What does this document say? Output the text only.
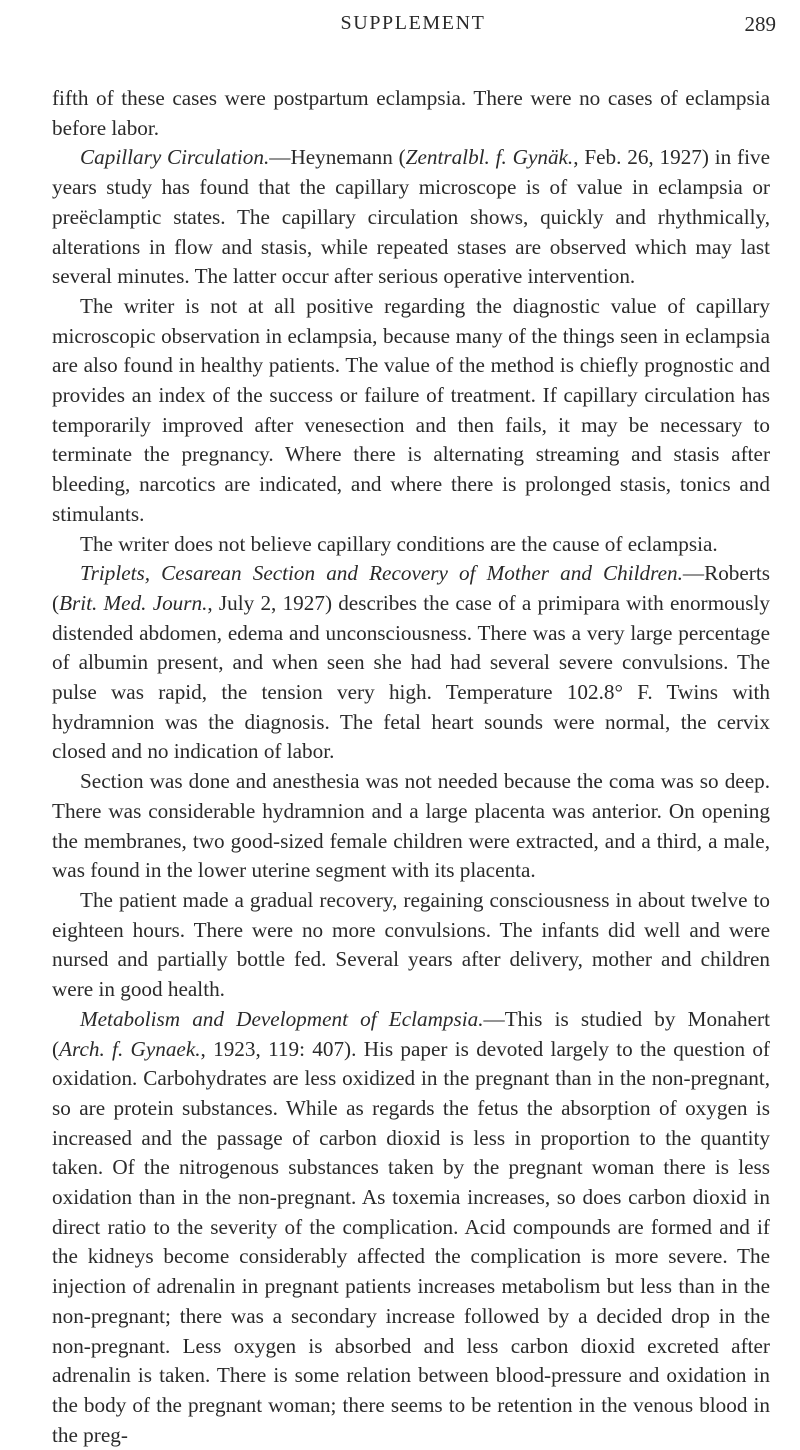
SUPPLEMENT	289

fifth of these cases were postpartum eclampsia. There were no cases of eclampsia before labor.

Capillary Circulation.—Heynemann (Zentralbl. f. Gynäk., Feb. 26, 1927) in five years study has found that the capillary microscope is of value in eclampsia or preëclamptic states. The capillary circulation shows, quickly and rhythmically, alterations in flow and stasis, while repeated stases are observed which may last several minutes. The latter occur after serious operative intervention.

The writer is not at all positive regarding the diagnostic value of capillary microscopic observation in eclampsia, because many of the things seen in eclampsia are also found in healthy patients. The value of the method is chiefly prognostic and provides an index of the success or failure of treatment. If capillary circulation has temporarily improved after venesection and then fails, it may be necessary to terminate the pregnancy. Where there is alternating streaming and stasis after bleeding, narcotics are indicated, and where there is prolonged stasis, tonics and stimulants.

The writer does not believe capillary conditions are the cause of eclampsia.

Triplets, Cesarean Section and Recovery of Mother and Children.—Roberts (Brit. Med. Journ., July 2, 1927) describes the case of a primipara with enormously distended abdomen, edema and unconsciousness. There was a very large percentage of albumin present, and when seen she had had several severe convulsions. The pulse was rapid, the tension very high. Temperature 102.8° F. Twins with hydramnion was the diagnosis. The fetal heart sounds were normal, the cervix closed and no indication of labor.

Section was done and anesthesia was not needed because the coma was so deep. There was considerable hydramnion and a large placenta was anterior. On opening the membranes, two good-sized female children were extracted, and a third, a male, was found in the lower uterine segment with its placenta.

The patient made a gradual recovery, regaining consciousness in about twelve to eighteen hours. There were no more convulsions. The infants did well and were nursed and partially bottle fed. Several years after delivery, mother and children were in good health.

Metabolism and Development of Eclampsia.—This is studied by Monahert (Arch. f. Gynaek., 1923, 119: 407). His paper is devoted largely to the question of oxidation. Carbohydrates are less oxidized in the pregnant than in the non-pregnant, so are protein substances. While as regards the fetus the absorption of oxygen is increased and the passage of carbon dioxid is less in proportion to the quantity taken. Of the nitrogenous substances taken by the pregnant woman there is less oxidation than in the non-pregnant. As toxemia increases, so does carbon dioxid in direct ratio to the severity of the complication. Acid compounds are formed and if the kidneys become considerably affected the complication is more severe. The injection of adrenalin in pregnant patients increases metabolism but less than in the non-pregnant; there was a secondary increase followed by a decided drop in the non-pregnant. Less oxygen is absorbed and less carbon dioxid excreted after adrenalin is taken. There is some relation between blood-pressure and oxidation in the body of the pregnant woman; there seems to be retention in the venous blood in the preg-
